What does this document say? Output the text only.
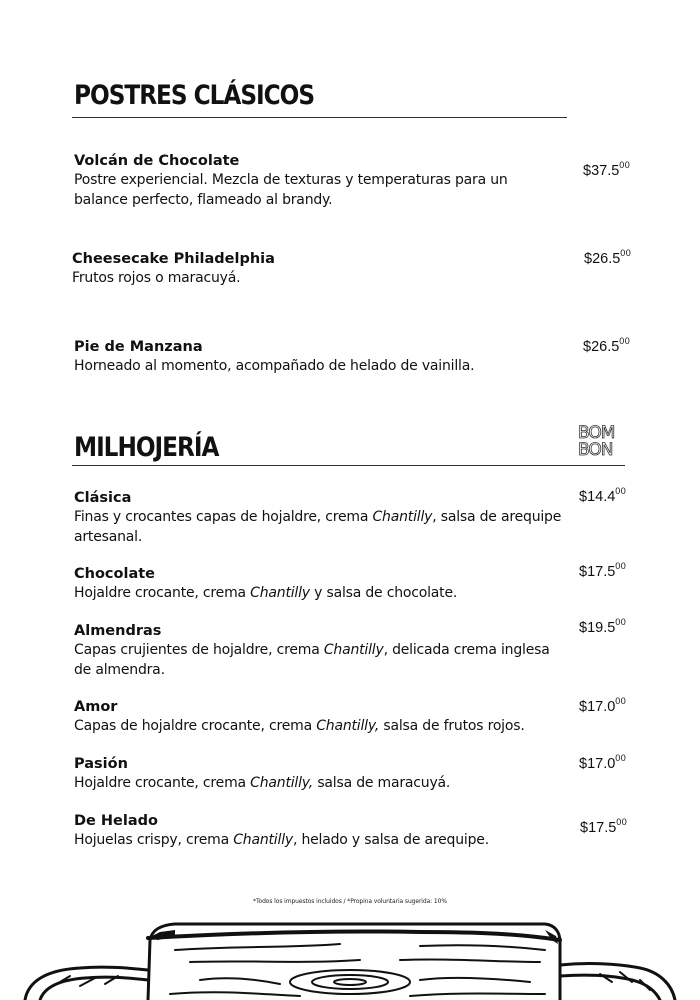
POSTRES CLÁSICOS
Volcán de Chocolate
Postre experiencial. Mezcla de texturas y temperaturas para un balance perfecto, flameado al brandy.
$37.5$^{00}$
Cheesecake Philadelphia
Frutos rojos o maracuyá.
$26.5$^{00}$
Pie de Manzana
Horneado al momento, acompañado de helado de vainilla.
$26.5$^{00}$
MILHOJERÍA	BOM
BON
Clásica
Finas y crocantes capas de hojaldre, crema Chantilly, salsa de arequipe artesanal.
$14.4$^{00}$
Chocolate
Hojaldre crocante, crema Chantilly y salsa de chocolate.
$17.5$^{00}$
Almendras
Capas crujientes de hojaldre, crema Chantilly, delicada crema inglesa de almendra.
$19.5$^{00}$
Amor
Capas de hojaldre crocante, crema Chantilly, salsa de frutos rojos.
$17.0$^{00}$
Pasión
Hojaldre crocante, crema Chantilly, salsa de maracuyá.
$17.0$^{00}$
De Helado
Hojuelas crispy, crema Chantilly, helado y salsa de arequipe.
$17.5$^{00}$
*Todos los impuestos incluidos / *Propina voluntaria sugerida: 10%
